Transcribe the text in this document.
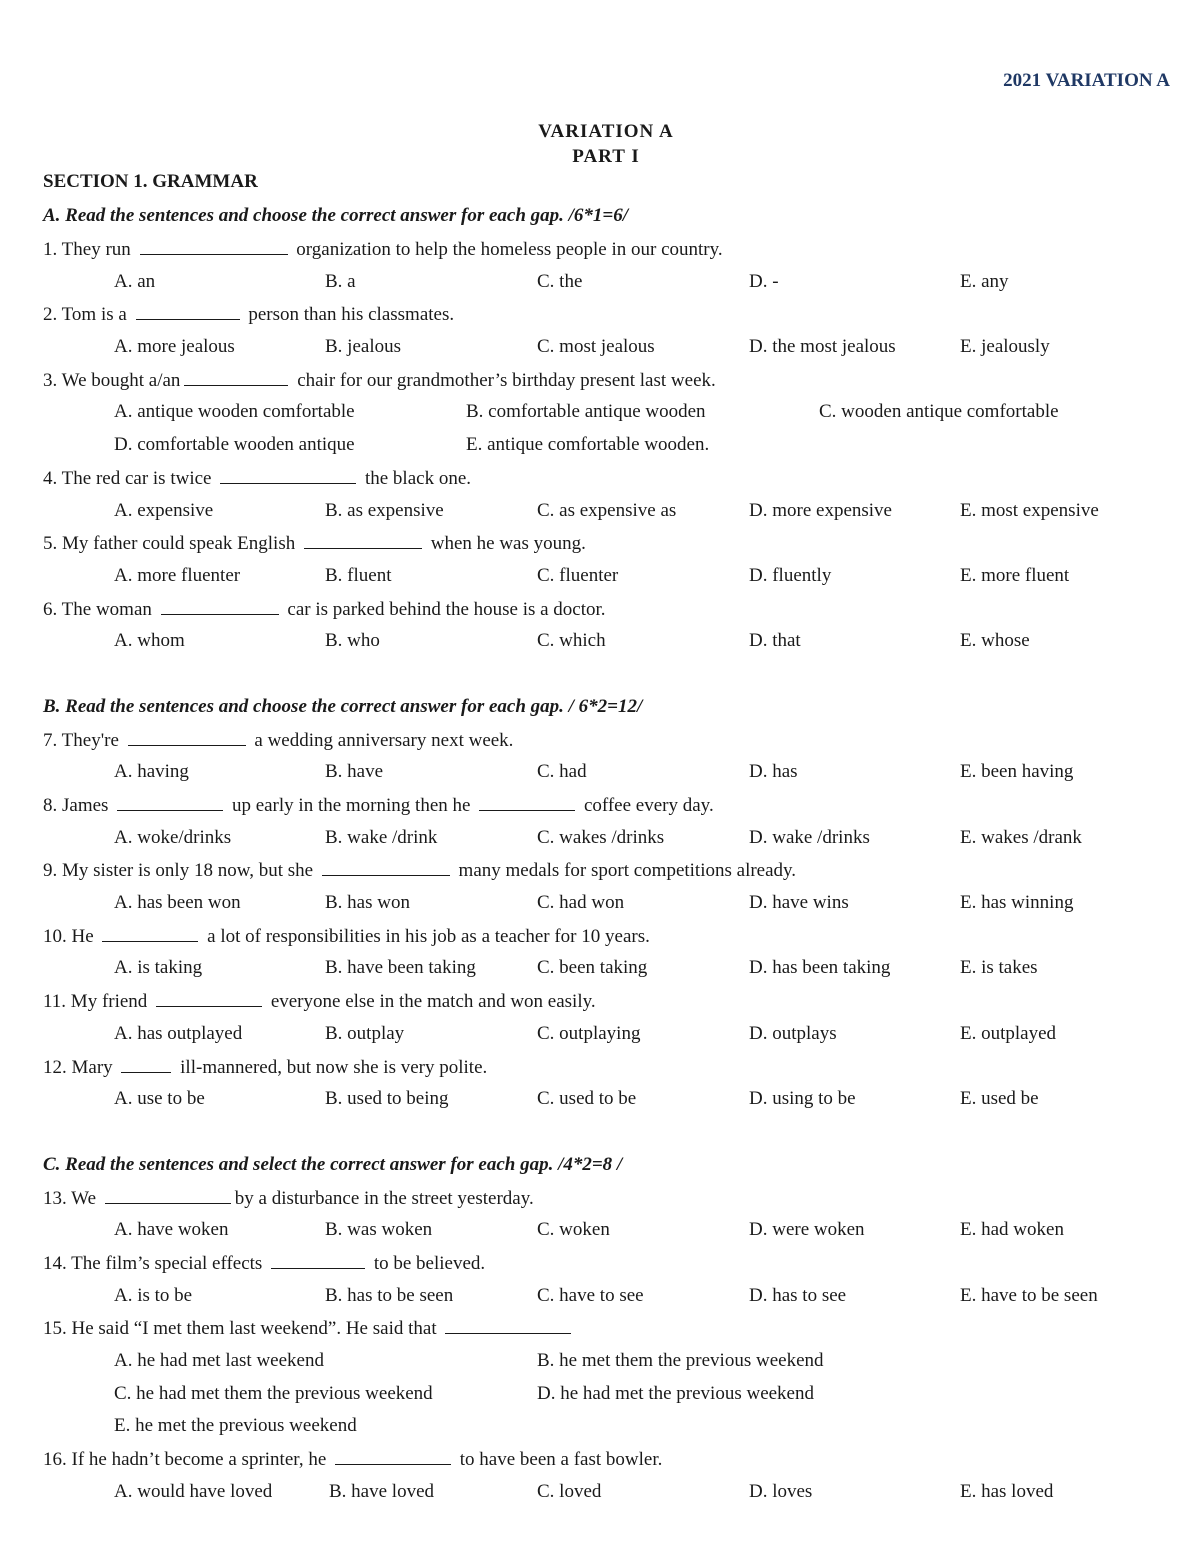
2021 VARIATION A
VARIATION A
PART I
SECTION 1. GRAMMAR
A. Read the sentences and choose the correct answer for each gap. /6*1=6/
1. They run	organization to help the homeless people in our country.
A. an	B. a	C. the	D. -	E. any
2. Tom is a	person than his classmates.
A. more jealous	B. jealous	C. most jealous	D. the most jealous	E. jealously
3. We bought a/an	chair for our grandmother’s birthday present last week.
A. antique wooden comfortable	B. comfortable antique wooden	C. wooden antique comfortable
D. comfortable wooden antique	E. antique comfortable wooden.
4. The red car is twice	the black one.
A. expensive	B. as expensive	C. as expensive as	D. more expensive	E. most expensive
5. My father could speak English	when he was young.
A. more fluenter	B. fluent	C. fluenter	D. fluently	E. more fluent
6. The woman	car is parked behind the house is a doctor.
A. whom	B. who	C. which	D. that	E. whose
B. Read the sentences and choose the correct answer for each gap. / 6*2=12/
7. They're	a wedding anniversary next week.
A. having	B. have	C. had	D. has	E. been having
8. James	up early in the morning then he	coffee every day.
A. woke/drinks	B. wake /drink	C. wakes /drinks	D. wake /drinks	E. wakes /drank
9. My sister is only 18 now, but she	many medals for sport competitions already.
A. has been won	B. has won	C. had won	D. have wins	E. has winning
10. He	a lot of responsibilities in his job as a teacher for 10 years.
A. is taking	B. have been taking	C. been taking	D. has been taking	E. is takes
11. My friend	everyone else in the match and won easily.
A. has outplayed	B. outplay	C. outplaying	D. outplays	E. outplayed
12. Mary	ill-mannered, but now she is very polite.
A. use to be	B. used to being	C. used to be	D. using to be	E. used be
C. Read the sentences and select the correct answer for each gap. /4*2=8 /
13. We	by a disturbance in the street yesterday.
A. have woken	B. was woken	C. woken	D. were woken	E. had woken
14. The film’s special effects	to be believed.
A. is to be	B. has to be seen	C. have to see	D. has to see	E. have to be seen
15. He said “I met them last weekend”. He said that
A. he had met last weekend	B. he met them the previous weekend
C. he had met them the previous weekend	D. he had met the previous weekend
E. he met the previous weekend
16. If he hadn’t become a sprinter, he	to have been a fast bowler.
A. would have loved	B. have loved	C. loved	D. loves	E. has loved
